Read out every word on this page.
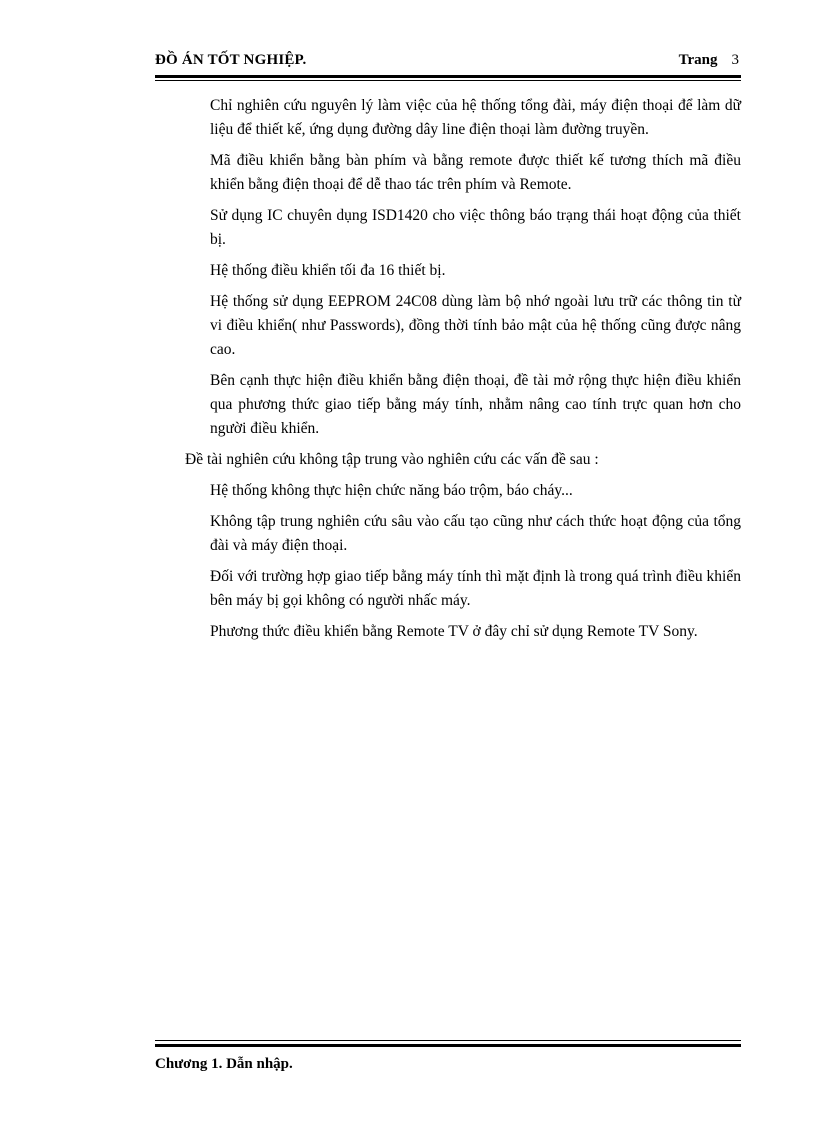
ĐỒ ÁN TỐT NGHIỆP.	Trang 3

Chỉ nghiên cứu nguyên lý làm việc của hệ thống tổng đài, máy điện thoại để làm dữ liệu để thiết kế, ứng dụng đường dây line điện thoại làm đường truyền.

Mã điều khiển bằng bàn phím và bằng remote được thiết kế tương thích mã điều khiển bằng điện thoại để dễ thao tác trên phím và Remote.

Sử dụng IC chuyên dụng ISD1420 cho việc thông báo trạng thái hoạt động của thiết bị.

Hệ thống điều khiển tối đa 16 thiết bị.

Hệ thống sử dụng EEPROM 24C08 dùng làm bộ nhớ ngoài lưu trữ các thông tin từ vi điều khiển( như Passwords), đồng thời tính bảo mật của hệ thống cũng được nâng cao.

Bên cạnh thực hiện điều khiển bằng điện thoại, đề tài mở rộng thực hiện điều khiển qua phương thức giao tiếp bằng máy tính, nhằm nâng cao tính trực quan hơn cho người điều khiển.

Đề tài nghiên cứu không tập trung vào nghiên cứu các vấn đề sau :

Hệ thống không thực hiện chức năng báo trộm, báo cháy...

Không tập trung nghiên cứu sâu vào cấu tạo cũng như cách thức hoạt động của tổng đài và máy điện thoại.

Đối với trường hợp giao tiếp bằng máy tính thì mặt định là trong quá trình điều khiển bên máy bị gọi không có người nhấc máy.

Phương thức điều khiển bằng Remote TV ở đây chỉ sử dụng Remote TV Sony.

Chương 1. Dẫn nhập.
